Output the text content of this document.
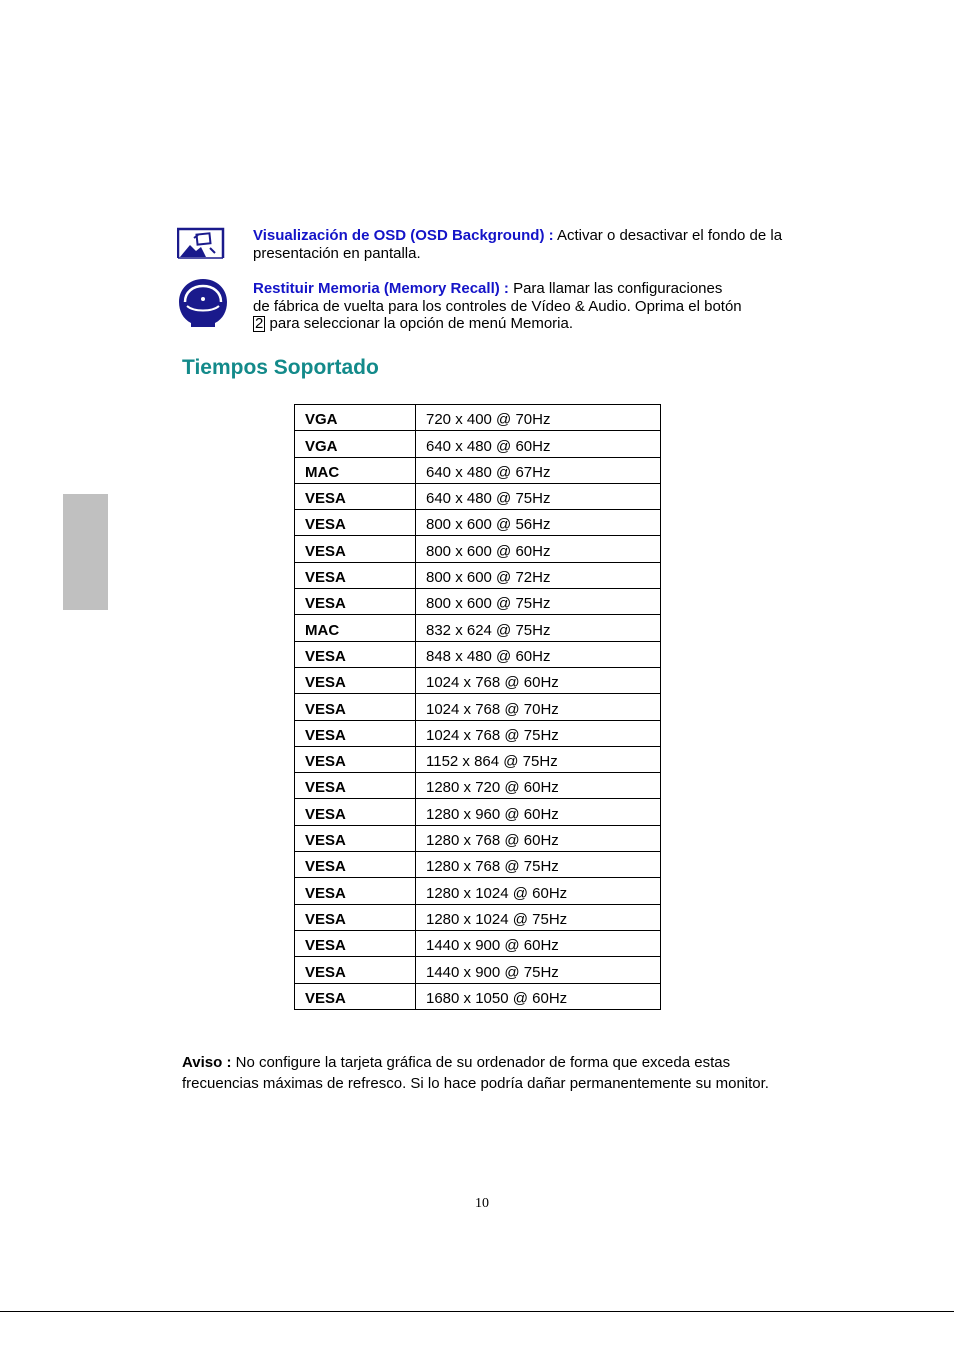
Visualización de OSD (OSD Background) : Activar o desactivar el fondo de la presentación en pantalla.
Restituir Memoria (Memory Recall) : Para llamar las configuraciones
de fábrica de vuelta para los controles de Vídeo & Audio. Oprima el botón
2 para seleccionar la opción de menú Memoria.
Tiempos Soportado
VGA	720 x 400 @ 70Hz
VGA	640 x 480 @ 60Hz
MAC	640 x 480 @ 67Hz
VESA	640 x 480 @ 75Hz
VESA	800 x 600 @ 56Hz
VESA	800 x 600 @ 60Hz
VESA	800 x 600 @ 72Hz
VESA	800 x 600 @ 75Hz
MAC	832 x 624 @ 75Hz
VESA	848 x 480 @ 60Hz
VESA	1024 x 768 @ 60Hz
VESA	1024 x 768 @ 70Hz
VESA	1024 x 768 @ 75Hz
VESA	1152 x 864 @ 75Hz
VESA	1280 x 720 @ 60Hz
VESA	1280 x 960 @ 60Hz
VESA	1280 x 768 @ 60Hz
VESA	1280 x 768 @ 75Hz
VESA	1280 x 1024 @ 60Hz
VESA	1280 x 1024 @ 75Hz
VESA	1440 x 900 @ 60Hz
VESA	1440 x 900 @ 75Hz
VESA	1680 x 1050 @ 60Hz
Aviso : No configure la tarjeta gráfica de su ordenador de forma que exceda estas frecuencias máximas de refresco. Si lo hace podría dañar permanentemente su monitor.
10
